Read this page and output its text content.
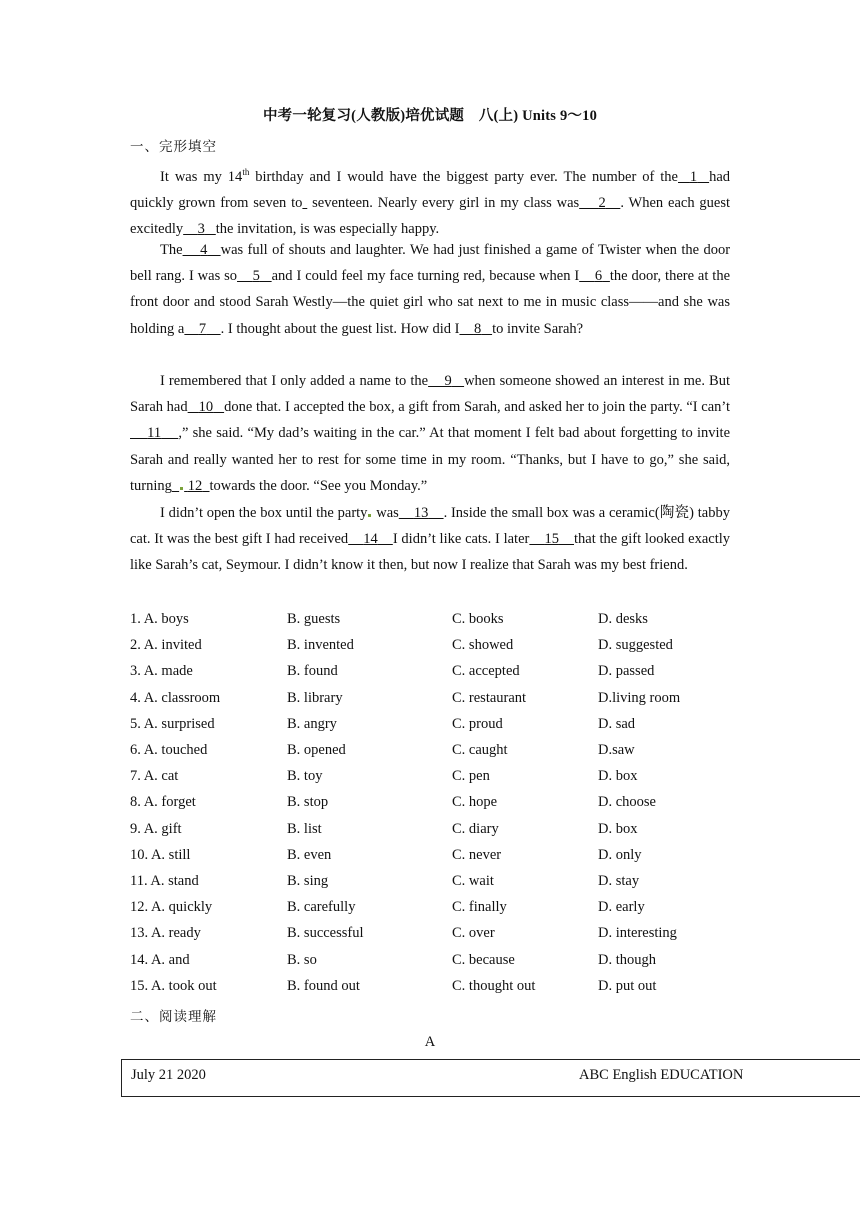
中考一轮复习(人教版)培优试题　八(上) Units 9～10
一、完形填空
It was my 14th birthday and I would have the biggest party ever. The number of the 1 had quickly grown from seven to  seventeen. Nearly every girl in my class was 2 . When each guest excitedly 3 the invitation, is was especially happy.
The 4 was full of shouts and laughter. We had just finished a game of Twister when the door bell rang. I was so 5 and I could feel my face turning red, because when I 6 the door, there at the front door and stood Sarah Westly—the quiet girl who sat next to me in music class——and she was holding a 7 . I thought about the guest list. How did I 8 to invite Sarah?
I remembered that I only added a name to the 9 when someone showed an interest in me. But Sarah had 10 done that. I accepted the box, a gift from Sarah, and asked her to join the party. “I can’t    11 ,” she said. “My dad’s waiting in the car.” At that moment I felt bad about forgetting to invite Sarah and really wanted her to rest for some time in my room. “Thanks, but I have to go,” she said, turning 12 towards the door. “See you Monday.”
I didn’t open the box until the party was 13 . Inside the small box was a ceramic(陶瓷) tabby cat. It was the best gift I had received 14 I didn’t like cats. I later 15 that the gift looked exactly like Sarah’s cat, Seymour. I didn’t know it then, but now I realize that Sarah was my best friend.
1. A. boys	B. guests	C. books	D. desks
2. A. invited	B. invented	C. showed	D. suggested
3. A. made	B. found	C. accepted	D. passed
4. A. classroom	B. library	C. restaurant	D.living room
5. A. surprised	B. angry	C. proud	D. sad
6. A. touched	B. opened	C. caught	D.saw
7. A. cat	B. toy	C. pen	D. box
8. A. forget	B. stop	C. hope	D. choose
9. A. gift	B. list	C. diary	D. box
10. A. still	B. even	C. never	D. only
11. A. stand	B. sing	C. wait	D. stay
12. A. quickly	B. carefully	C. finally	D. early
13. A. ready	B. successful	C. over	D. interesting
14. A. and	B. so	C. because	D. though
15. A. took out	B. found out	C. thought out	D. put out
二、阅读理解
A
July 21 2020	ABC English EDUCATION
